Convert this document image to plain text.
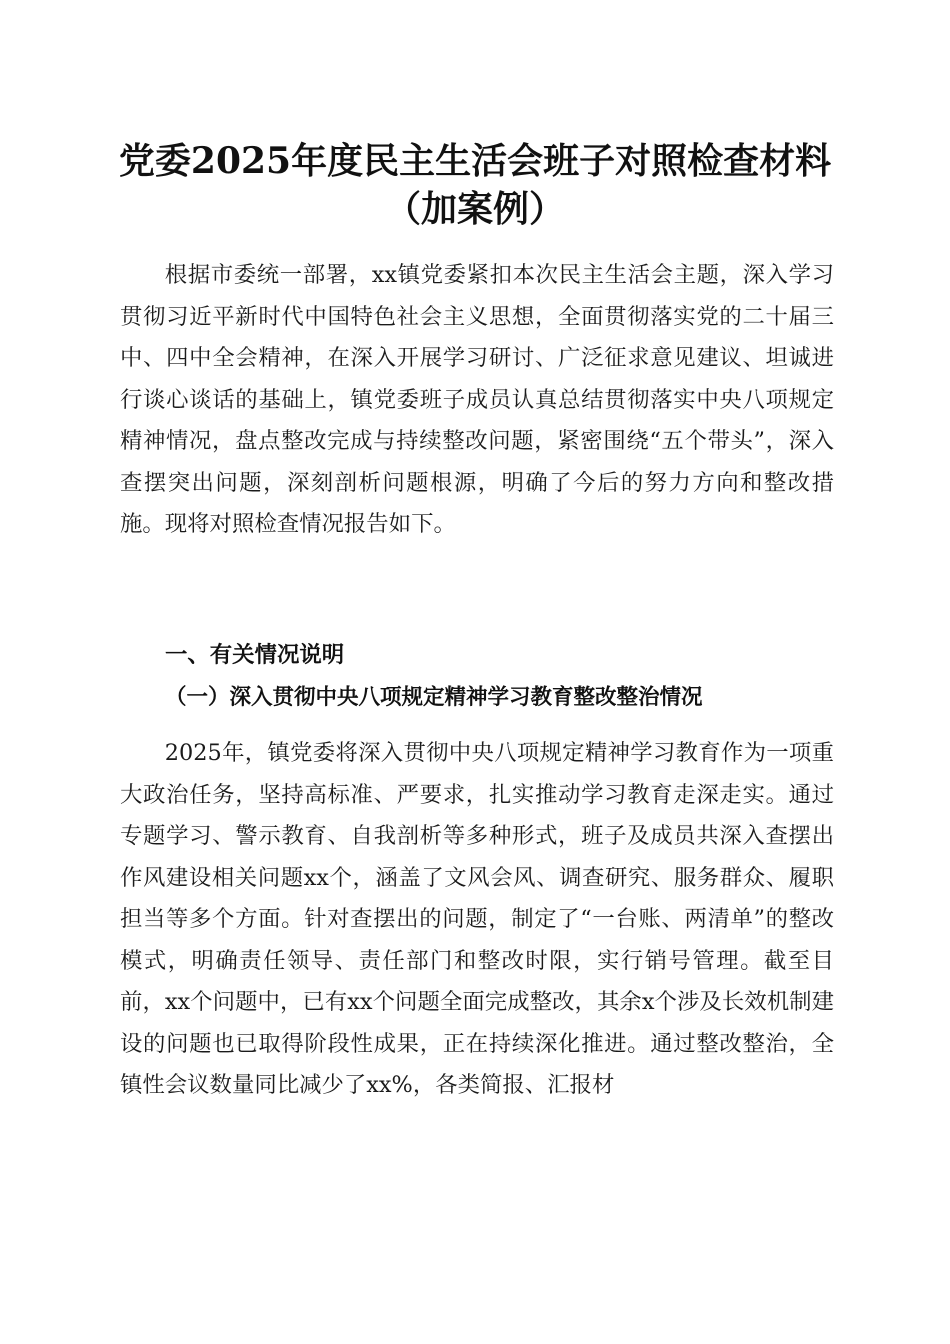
党委2025年度民主生活会班子对照检查材料
（加案例）

根据市委统一部署，xx镇党委紧扣本次民主生活会主题，深入学习贯彻习近平新时代中国特色社会主义思想，全面贯彻落实党的二十届三中、四中全会精神，在深入开展学习研讨、广泛征求意见建议、坦诚进行谈心谈话的基础上，镇党委班子成员认真总结贯彻落实中央八项规定精神情况，盘点整改完成与持续整改问题，紧密围绕“五个带头”，深入查摆突出问题，深刻剖析问题根源，明确了今后的努力方向和整改措施。现将对照检查情况报告如下。

一、有关情况说明
（一）深入贯彻中央八项规定精神学习教育整改整治情况

2025年，镇党委将深入贯彻中央八项规定精神学习教育作为一项重大政治任务，坚持高标准、严要求，扎实推动学习教育走深走实。通过专题学习、警示教育、自我剖析等多种形式，班子及成员共深入查摆出作风建设相关问题xx个，涵盖了文风会风、调查研究、服务群众、履职担当等多个方面。针对查摆出的问题，制定了“一台账、两清单”的整改模式，明确责任领导、责任部门和整改时限，实行销号管理。截至目前，xx个问题中，已有xx个问题全面完成整改，其余x个涉及长效机制建设的问题也已取得阶段性成果，正在持续深化推进。通过整改整治，全镇性会议数量同比减少了xx%，各类简报、汇报材
